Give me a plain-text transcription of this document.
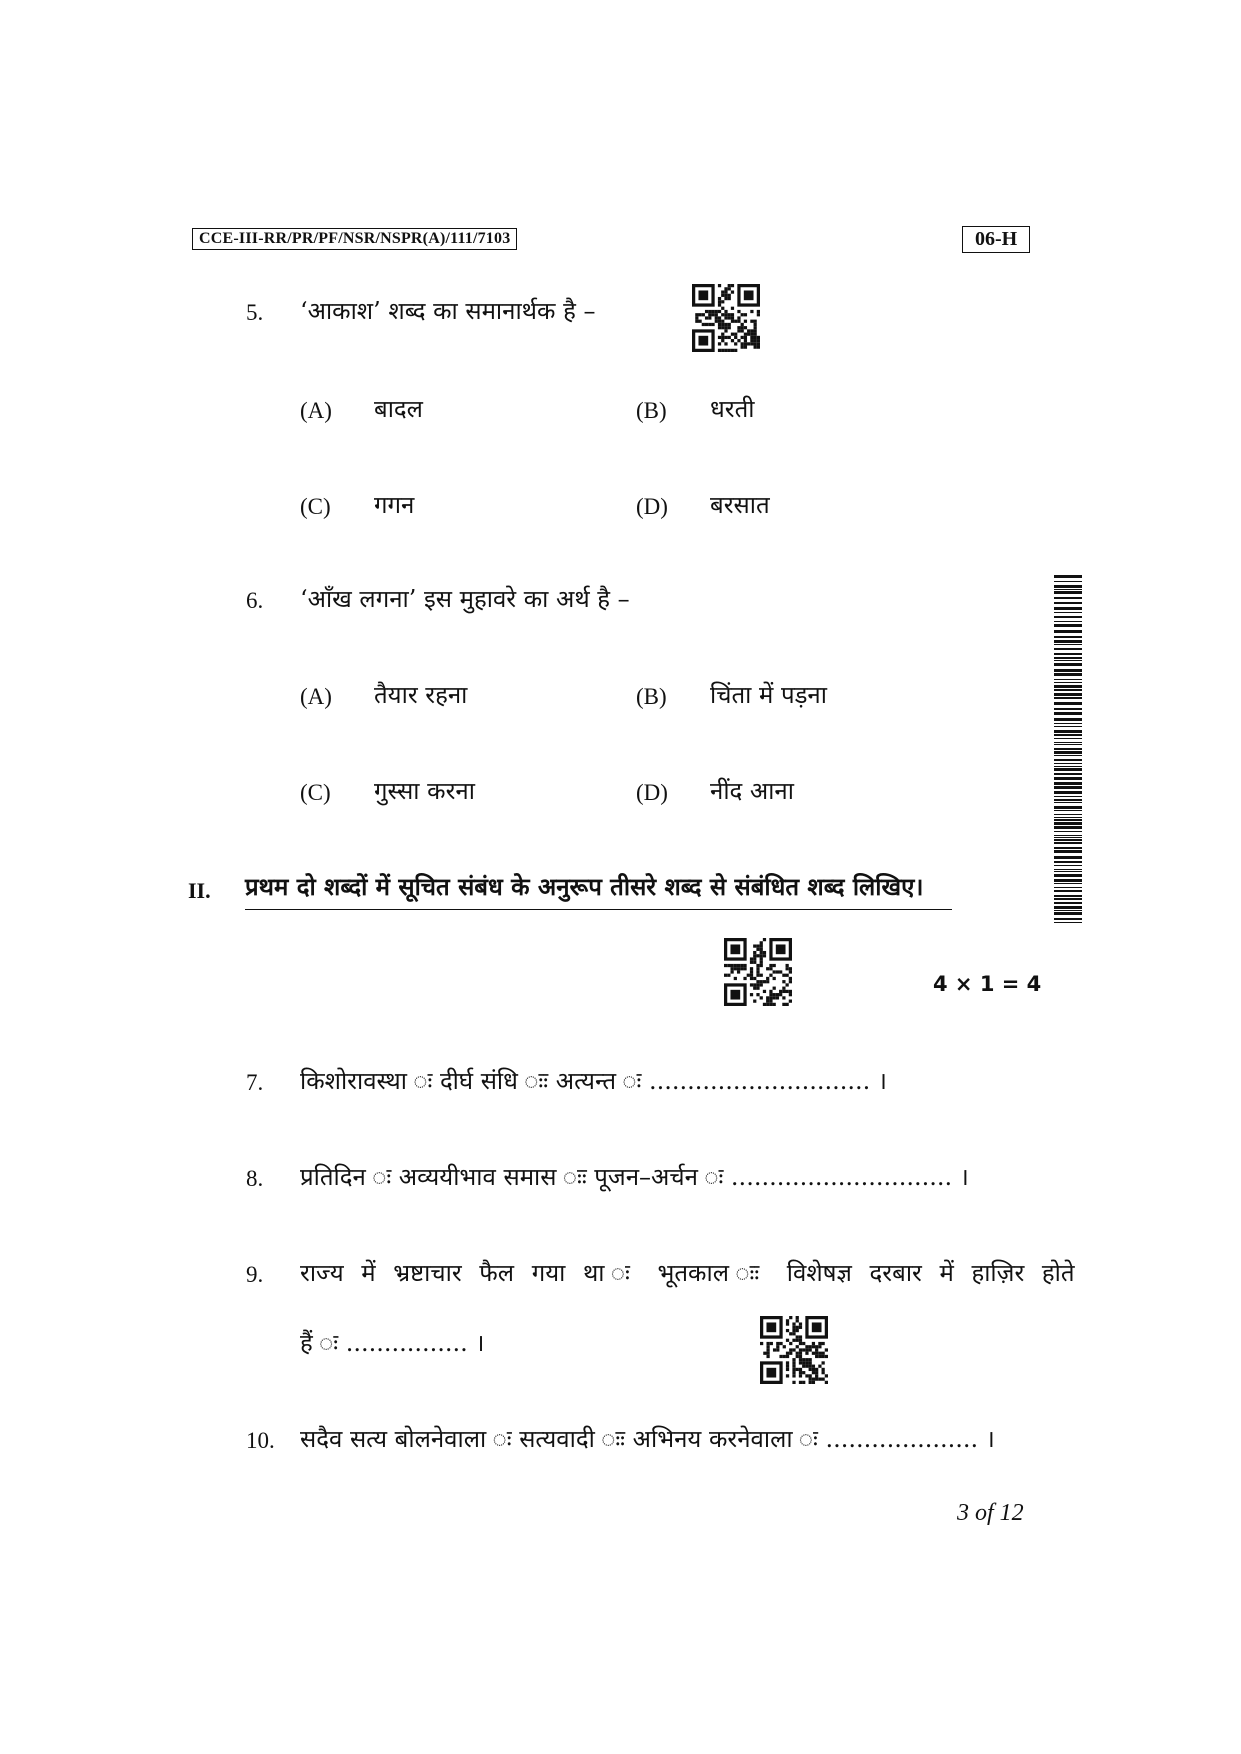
CCE-III-RR/PR/PF/NSR/NSPR(A)/111/7103	06-H
5. ‘आकाश’ शब्द का समानार्थक है –
(A) बादल	(B) धरती
(C) गगन	(D) बरसात
6. ‘आँख लगना’ इस मुहावरे का अर्थ है –
(A) तैयार रहना	(B) चिंता में पड़ना
(C) गुस्सा करना	(D) नींद आना
II. प्रथम दो शब्दों में सूचित संबंध के अनुरूप तीसरे शब्द से संबंधित शब्द लिखिए।
4 × 1 = 4
7. किशोरावस्था ः दीर्घ संधि ःः अत्यन्त ः ............................. ।
8. प्रतिदिन ः अव्ययीभाव समास ःः पूजन–अर्चन ः ............................. ।
9. राज्य में भ्रष्टाचार फैल गया था ः भूतकाल ःः विशेषज्ञ दरबार में हाज़िर होते
हैं ः ................ ।
10. सदैव सत्य बोलनेवाला ः सत्यवादी ःः अभिनय करनेवाला ः .................... ।
3 of 12
